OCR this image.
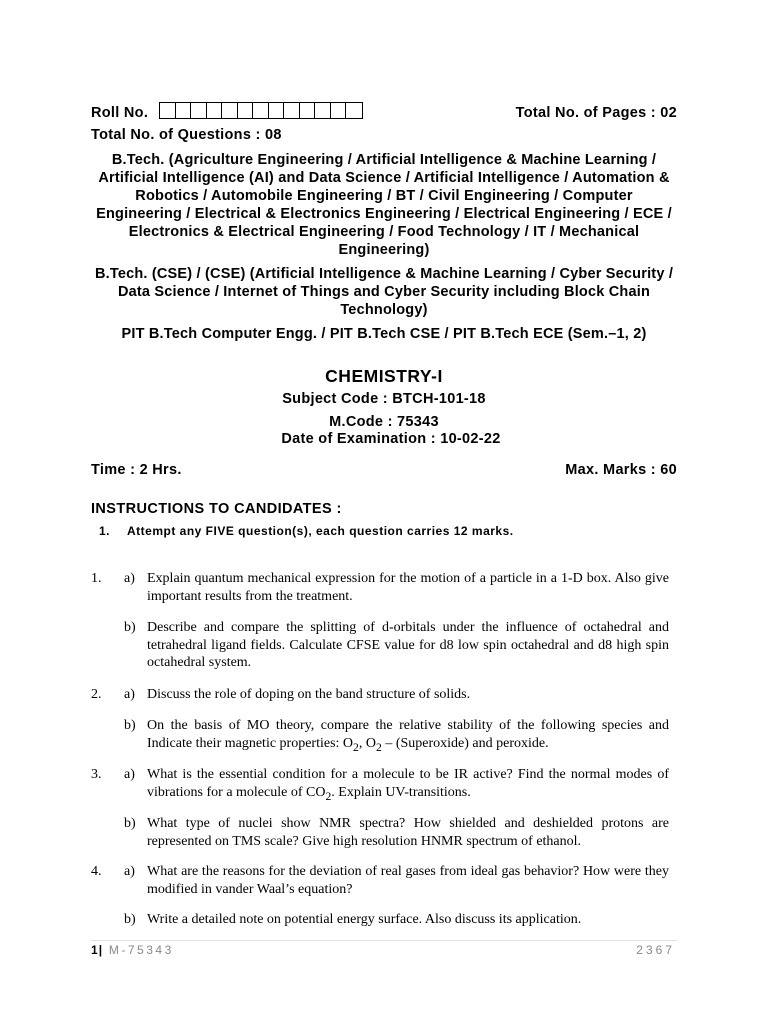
Roll No.	Total No. of Pages : 02
Total No. of Questions : 08
B.Tech. (Agriculture Engineering / Artificial Intelligence & Machine Learning / Artificial Intelligence (AI) and Data Science / Artificial Intelligence / Automation & Robotics / Automobile Engineering / BT / Civil Engineering / Computer Engineering / Electrical & Electronics Engineering / Electrical Engineering / ECE / Electronics & Electrical Engineering / Food Technology / IT / Mechanical Engineering)
B.Tech. (CSE) / (CSE) (Artificial Intelligence & Machine Learning / Cyber Security / Data Science / Internet of Things and Cyber Security including Block Chain Technology)
PIT B.Tech Computer Engg. / PIT B.Tech CSE / PIT B.Tech ECE (Sem.–1, 2)
CHEMISTRY-I
Subject Code : BTCH-101-18
M.Code : 75343
Date of Examination : 10-02-22
Time : 2 Hrs.	Max. Marks : 60
INSTRUCTIONS TO CANDIDATES :
1. Attempt any FIVE question(s), each question carries 12 marks.
1. a) Explain quantum mechanical expression for the motion of a particle in a 1-D box. Also give important results from the treatment.
b) Describe and compare the splitting of d-orbitals under the influence of octahedral and tetrahedral ligand fields. Calculate CFSE value for d8 low spin octahedral and d8 high spin octahedral system.
2. a) Discuss the role of doping on the band structure of solids.
b) On the basis of MO theory, compare the relative stability of the following species and Indicate their magnetic properties: $O_2$, $O_2$ – (Superoxide) and peroxide.
3. a) What is the essential condition for a molecule to be IR active? Find the normal modes of vibrations for a molecule of $CO_2$. Explain UV-transitions.
b) What type of nuclei show NMR spectra? How shielded and deshielded protons are represented on TMS scale? Give high resolution HNMR spectrum of ethanol.
4. a) What are the reasons for the deviation of real gases from ideal gas behavior? How were they modified in vander Waal’s equation?
b) Write a detailed note on potential energy surface. Also discuss its application.
1| M-75343	2367
